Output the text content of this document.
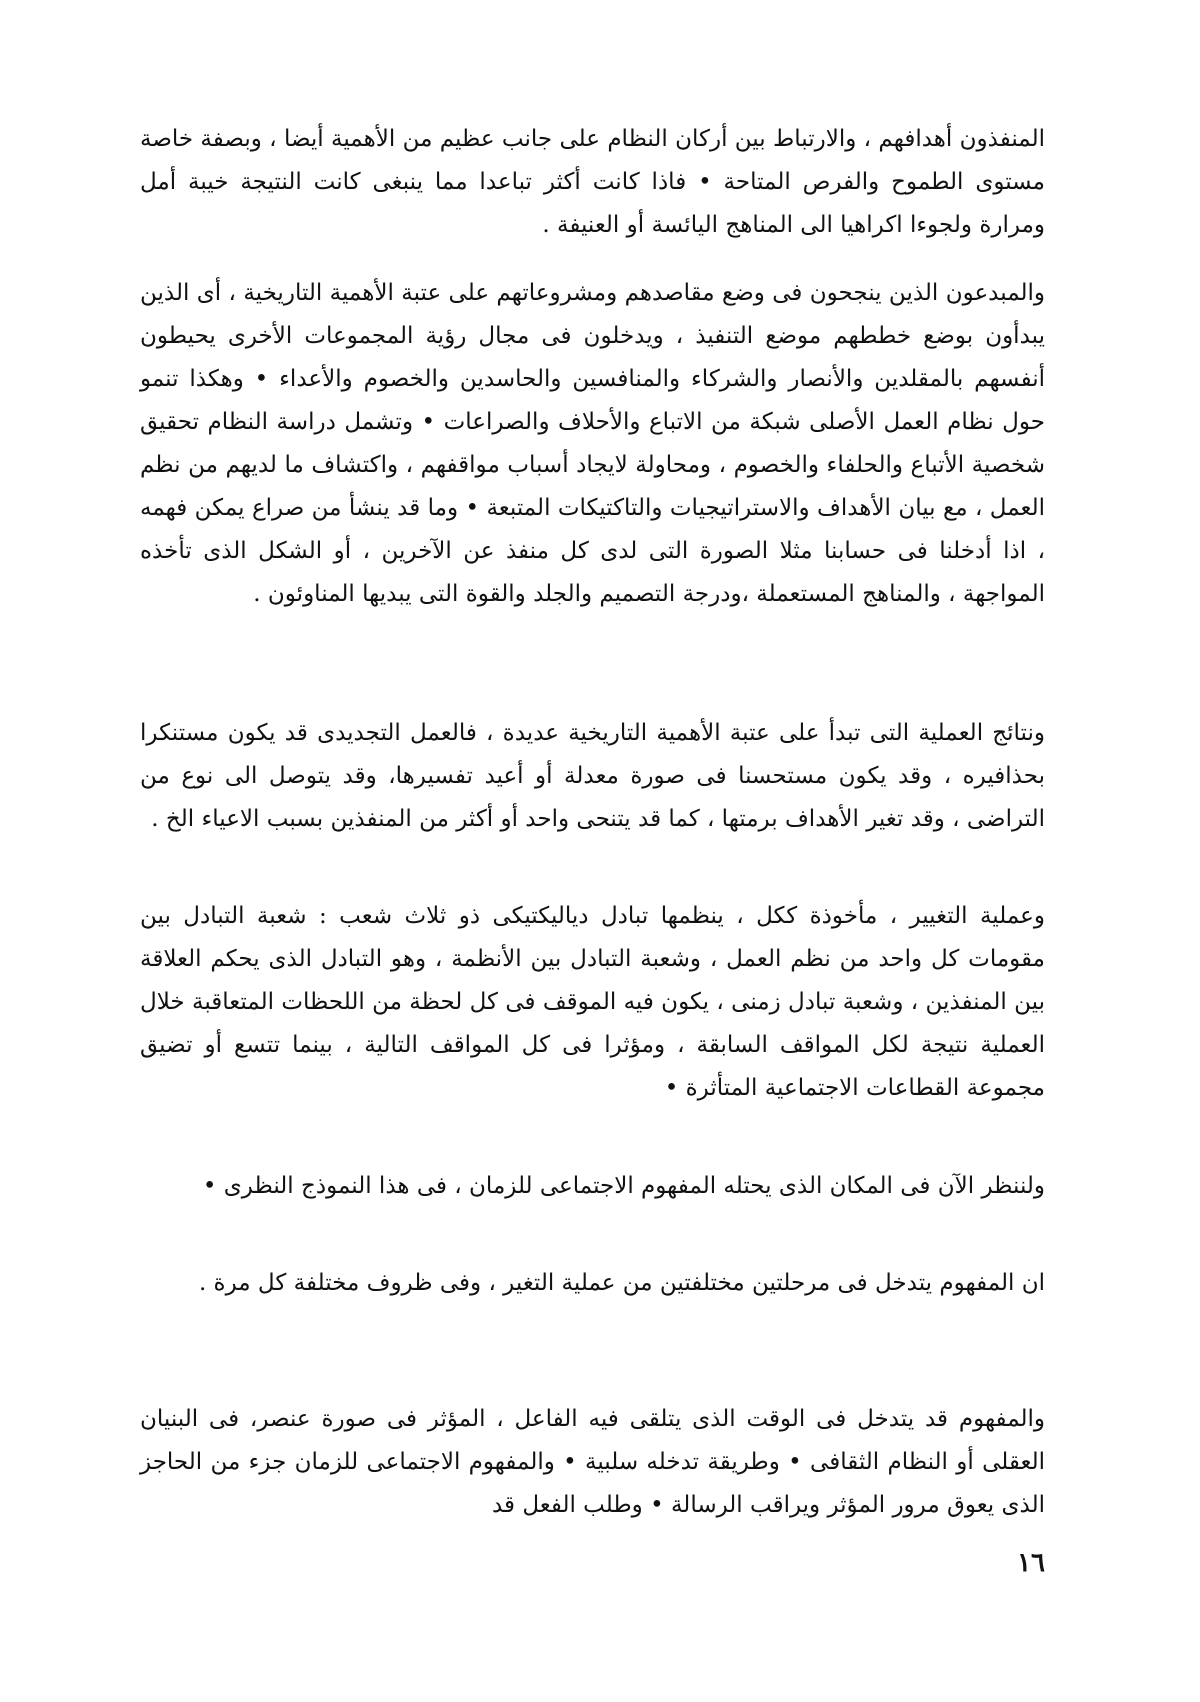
المنفذون أهدافهم ، والارتباط بين أركان النظام على جانب عظيم من الأهمية أيضا ، وبصفة خاصة مستوى الطموح والفرص المتاحة • فاذا كانت أكثر تباعدا مما ينبغى كانت النتيجة خيبة أمل ومرارة ولجوءا اكراهيا الى المناهج اليائسة أو العنيفة .

والمبدعون الذين ينجحون فى وضع مقاصدهم ومشروعاتهم على عتبة الأهمية التاريخية ، أى الذين يبدأون بوضع خططهم موضع التنفيذ ، ويدخلون فى مجال رؤية المجموعات الأخرى يحيطون أنفسهم بالمقلدين والأنصار والشركاء والمنافسين والحاسدين والخصوم والأعداء • وهكذا تنمو حول نظام العمل الأصلى شبكة من الاتباع والأحلاف والصراعات • وتشمل دراسة النظام تحقيق شخصية الأتباع والحلفاء والخصوم ، ومحاولة لايجاد أسباب مواقفهم ، واكتشاف ما لديهم من نظم العمل ، مع بيان الأهداف والاستراتيجيات والتاكتيكات المتبعة • وما قد ينشأ من صراع يمكن فهمه ، اذا أدخلنا فى حسابنا مثلا الصورة التى لدى كل منفذ عن الآخرين ، أو الشكل الذى تأخذه المواجهة ، والمناهج المستعملة ،ودرجة التصميم والجلد والقوة التى يبديها المناوئون .

ونتائج العملية التى تبدأ على عتبة الأهمية التاريخية عديدة ، فالعمل التجديدى قد يكون مستنكرا بحذافيره ، وقد يكون مستحسنا فى صورة معدلة أو أعيد تفسيرها، وقد يتوصل الى نوع من التراضى ، وقد تغير الأهداف برمتها ، كما قد يتنحى واحد أو أكثر من المنفذين بسبب الاعياء الخ .

وعملية التغيير ، مأخوذة ككل ، ينظمها تبادل دياليكتيكى ذو ثلاث شعب : شعبة التبادل بين مقومات كل واحد من نظم العمل ، وشعبة التبادل بين الأنظمة ، وهو التبادل الذى يحكم العلاقة بين المنفذين ، وشعبة تبادل زمنى ، يكون فيه الموقف فى كل لحظة من اللحظات المتعاقبة خلال العملية نتيجة لكل المواقف السابقة ، ومؤثرا فى كل المواقف التالية ، بينما تتسع أو تضيق مجموعة القطاعات الاجتماعية المتأثرة •

ولننظر الآن فى المكان الذى يحتله المفهوم الاجتماعى للزمان ، فى هذا النموذج النظرى •

ان المفهوم يتدخل فى مرحلتين مختلفتين من عملية التغير ، وفى ظروف مختلفة كل مرة .

والمفهوم قد يتدخل فى الوقت الذى يتلقى فيه الفاعل ، المؤثر فى صورة عنصر، فى البنيان العقلى أو النظام الثقافى • وطريقة تدخله سلبية • والمفهوم الاجتماعى للزمان جزء من الحاجز الذى يعوق مرور المؤثر ويراقب الرسالة • وطلب الفعل قد

١٦
